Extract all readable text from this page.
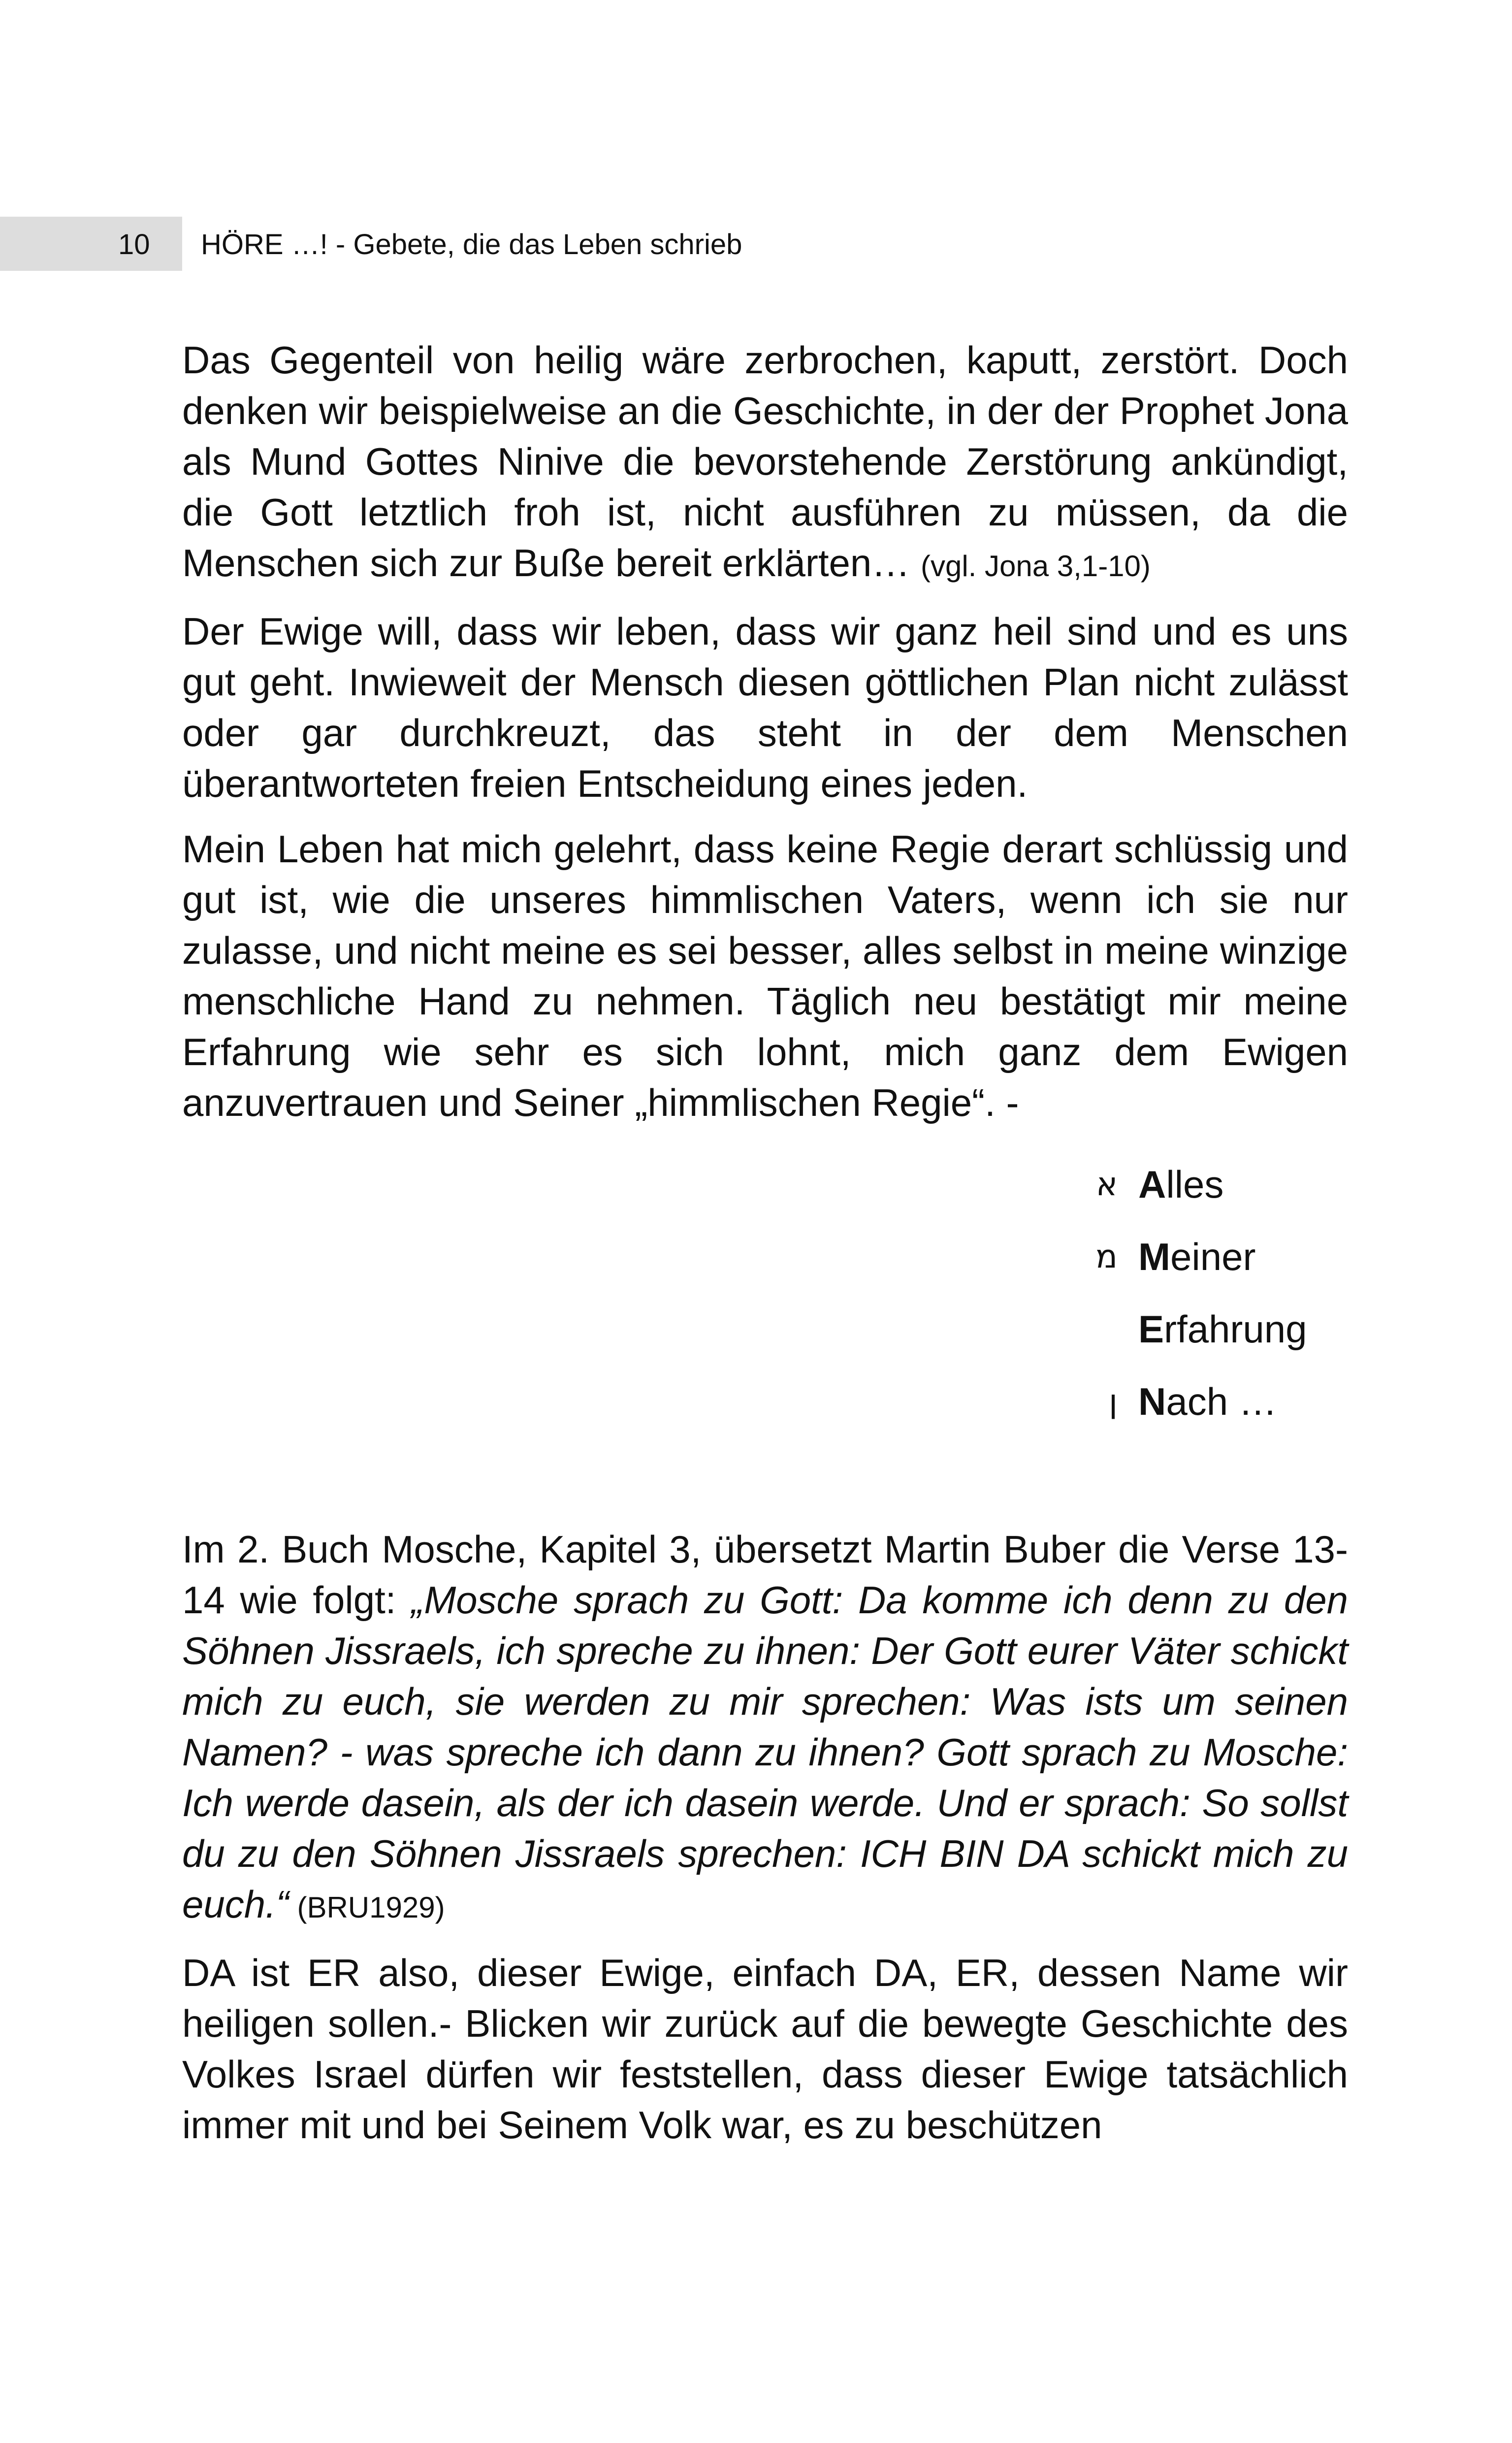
10 HÖRE …! - Gebete, die das Leben schrieb

Das Gegenteil von heilig wäre zerbrochen, kaputt, zerstört. Doch denken wir beispielweise an die Geschichte, in der der Prophet Jona als Mund Gottes Ninive die bevorstehende Zerstörung ankündigt, die Gott letztlich froh ist, nicht ausführen zu müssen, da die Menschen sich zur Buße bereit erklärten… (vgl. Jona 3,1-10)

Der Ewige will, dass wir leben, dass wir ganz heil sind und es uns gut geht. Inwieweit der Mensch diesen göttlichen Plan nicht zulässt oder gar durchkreuzt, das steht in der dem Menschen überantworteten freien Entscheidung eines jeden.

Mein Leben hat mich gelehrt, dass keine Regie derart schlüssig und gut ist, wie die unseres himmlischen Vaters, wenn ich sie nur zulasse, und nicht meine es sei besser, alles selbst in meine winzige menschliche Hand zu nehmen. Täglich neu bestätigt mir meine Erfahrung wie sehr es sich lohnt, mich ganz dem Ewigen anzuvertrauen und Seiner „himmlischen Regie“. -

א Alles
מ Meiner
Erfahrung
ן Nach …

Im 2. Buch Mosche, Kapitel 3, übersetzt Martin Buber die Verse 13-14 wie folgt: „Mosche sprach zu Gott: Da komme ich denn zu den Söhnen Jissraels, ich spreche zu ihnen: Der Gott eurer Väter schickt mich zu euch, sie werden zu mir sprechen: Was ists um seinen Namen? - was spreche ich dann zu ihnen? Gott sprach zu Mosche: Ich werde dasein, als der ich dasein werde. Und er sprach: So sollst du zu den Söhnen Jissraels sprechen: ICH BIN DA schickt mich zu euch.“ (BRU1929)

DA ist ER also, dieser Ewige, einfach DA, ER, dessen Name wir heiligen sollen.- Blicken wir zurück auf die bewegte Geschichte des Volkes Israel dürfen wir feststellen, dass dieser Ewige tatsächlich immer mit und bei Seinem Volk war, es zu beschützen
